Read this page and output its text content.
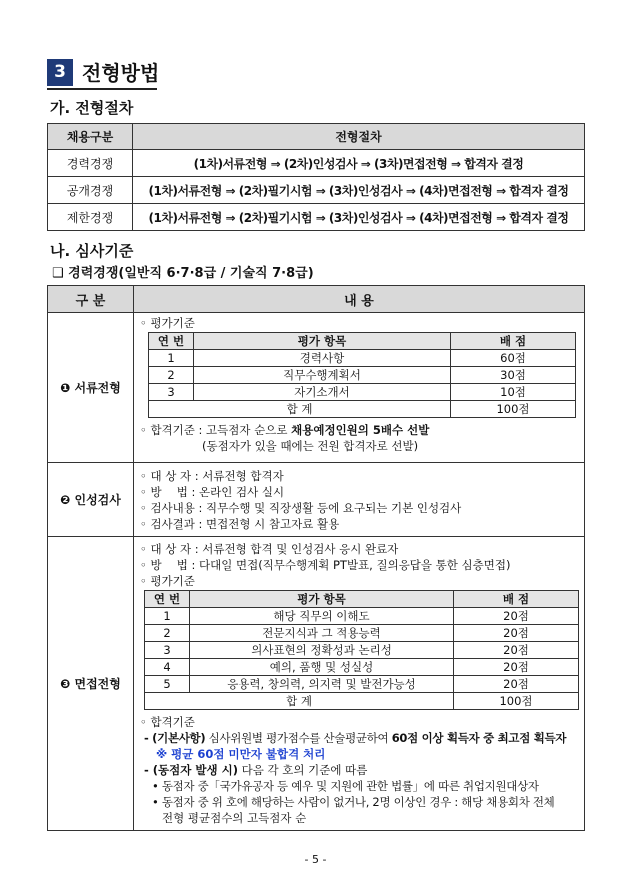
3 전형방법
가. 전형절차
채용구분	전형절차
경력경쟁	(1차)서류전형 ⇒ (2차)인성검사 ⇒ (3차)면접전형 ⇒ 합격자 결정
공개경쟁	(1차)서류전형 ⇒ (2차)필기시험 ⇒ (3차)인성검사 ⇒ (4차)면접전형 ⇒ 합격자 결정
제한경쟁	(1차)서류전형 ⇒ (2차)필기시험 ⇒ (3차)인성검사 ⇒ (4차)면접전형 ⇒ 합격자 결정
나. 심사기준
❑ 경력경쟁(일반직 6·7·8급 / 기술직 7·8급)
구 분	내 용
❶ 서류전형	
◦ 평가기준
연 번	평가 항목	배 점
1	경력사항	60점
2	직무수행계획서	30점
3	자기소개서	10점
합 계	100점
◦ 합격기준 : 고득점자 순으로 채용예정인원의 5배수 선발
(동점자가 있을 때에는 전원 합격자로 선발)

❷ 인성검사	
◦ 대 상 자 : 서류전형 합격자
◦ 방　 법 : 온라인 검사 실시
◦ 검사내용 : 직무수행 및 직장생활 등에 요구되는 기본 인성검사
◦ 검사결과 : 면접전형 시 참고자료 활용

❸ 면접전형	
◦ 대 상 자 : 서류전형 합격 및 인성검사 응시 완료자
◦ 방　 법 : 다대일 면접(직무수행계획 PT발표, 질의응답을 통한 심층면접)
◦ 평가기준
연 번	평가 항목	배 점
1	해당 직무의 이해도	20점
2	전문지식과 그 적용능력	20점
3	의사표현의 정확성과 논리성	20점
4	예의, 품행 및 성실성	20점
5	응용력, 창의력, 의지력 및 발전가능성	20점
합 계	100점
◦ 합격기준
- (기본사항) 심사위원별 평가점수를 산술평균하여 60점 이상 획득자 중 최고점 획득자
※ 평균 60점 미만자 불합격 처리
- (동점자 발생 시) 다음 각 호의 기준에 따름
• 동점자 중「국가유공자 등 예우 및 지원에 관한 법률」에 따른 취업지원대상자
• 동점자 중 위 호에 해당하는 사람이 없거나, 2명 이상인 경우 : 해당 채용회차 전체
전형 평균점수의 고득점자 순
- 5 -
